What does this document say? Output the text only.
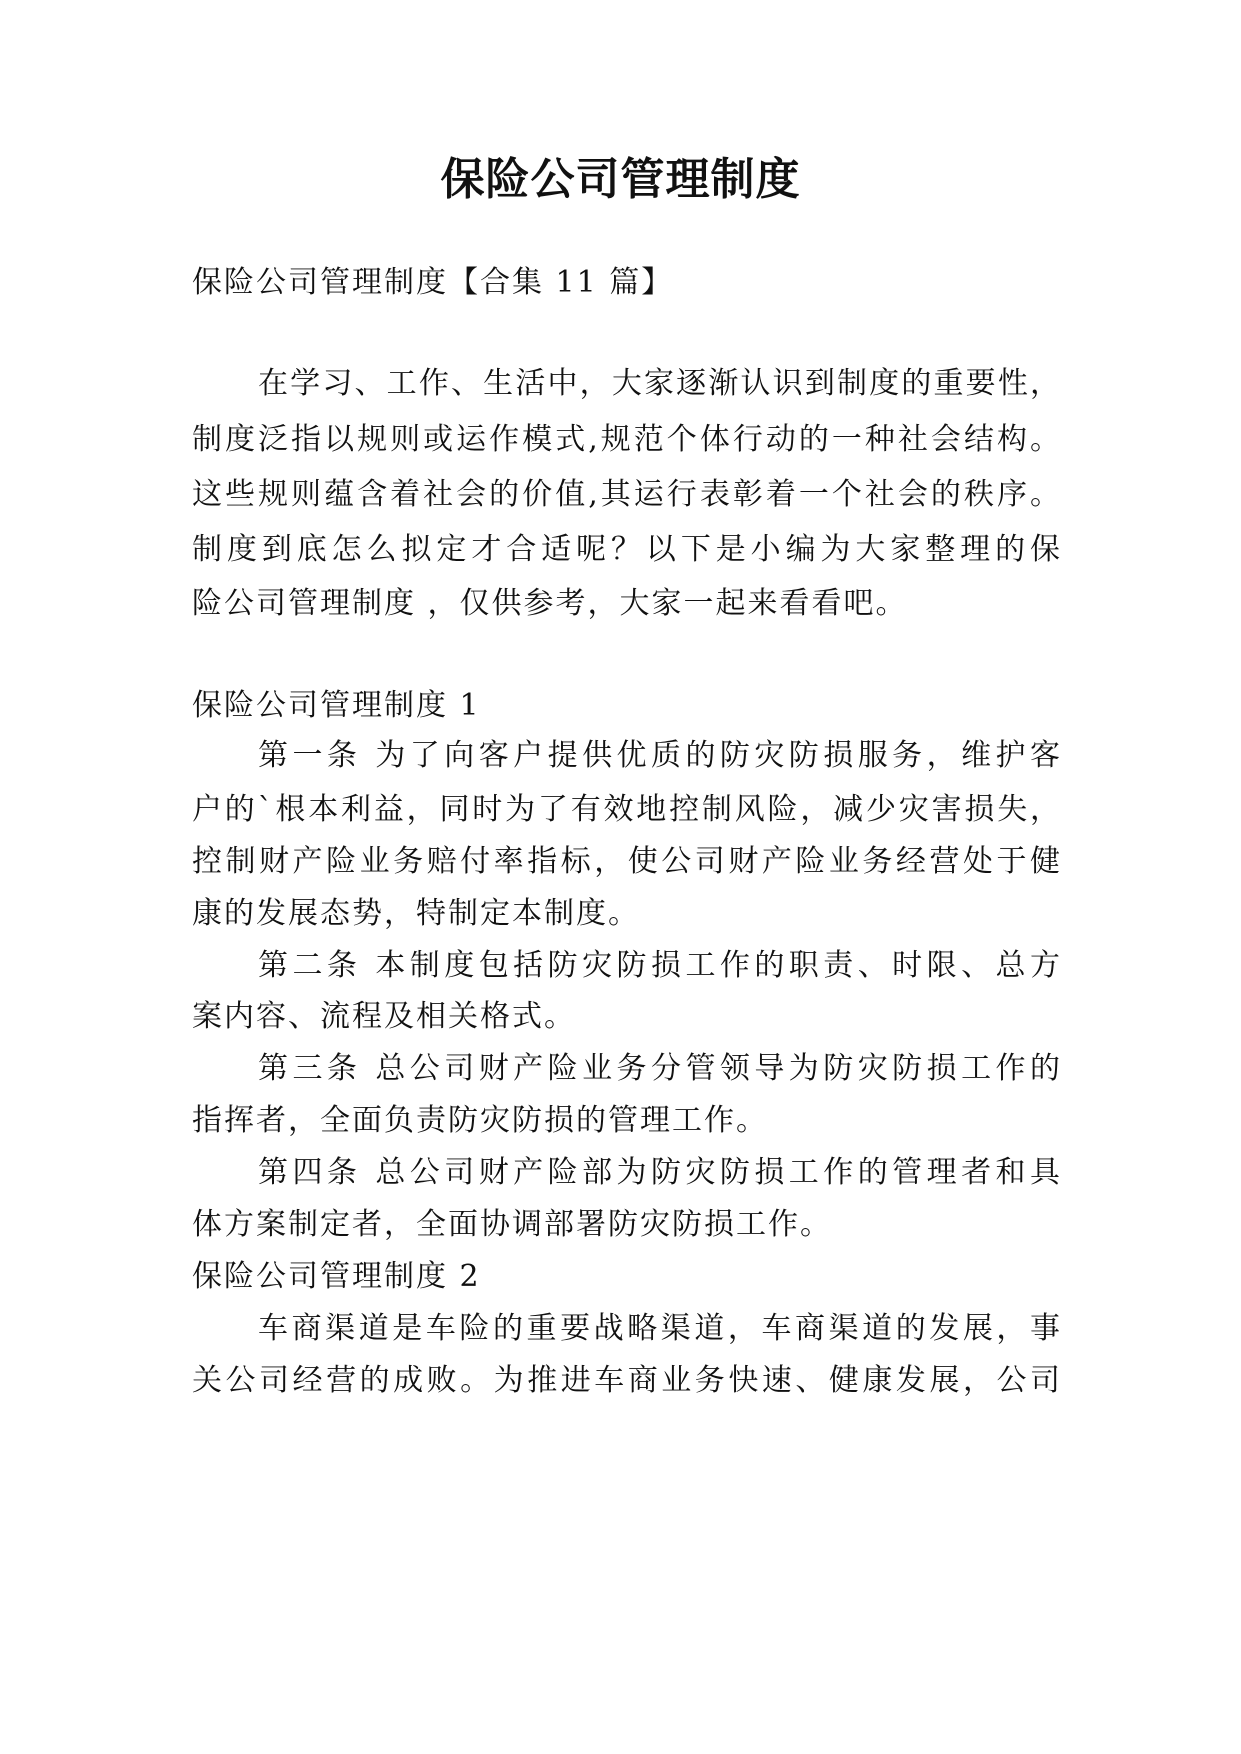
保险公司管理制度

保险公司管理制度【合集 11 篇】

在学习、工作、生活中，大家逐渐认识到制度的重要性，

制度泛指以规则或运作模式,规范个体行动的一种社会结构。

这些规则蕴含着社会的价值,其运行表彰着一个社会的秩序。

制度到底怎么拟定才合适呢？以下是小编为大家整理的保

险公司管理制度 ，仅供参考，大家一起来看看吧。

保险公司管理制度 1

第一条 为了向客户提供优质的防灾防损服务，维护客

户的`根本利益，同时为了有效地控制风险，减少灾害损失，

控制财产险业务赔付率指标，使公司财产险业务经营处于健

康的发展态势，特制定本制度。

第二条 本制度包括防灾防损工作的职责、时限、总方

案内容、流程及相关格式。

第三条 总公司财产险业务分管领导为防灾防损工作的

指挥者，全面负责防灾防损的管理工作。

第四条 总公司财产险部为防灾防损工作的管理者和具

体方案制定者，全面协调部署防灾防损工作。

保险公司管理制度 2

车商渠道是车险的重要战略渠道，车商渠道的发展，事

关公司经营的成败。为推进车商业务快速、健康发展，公司
